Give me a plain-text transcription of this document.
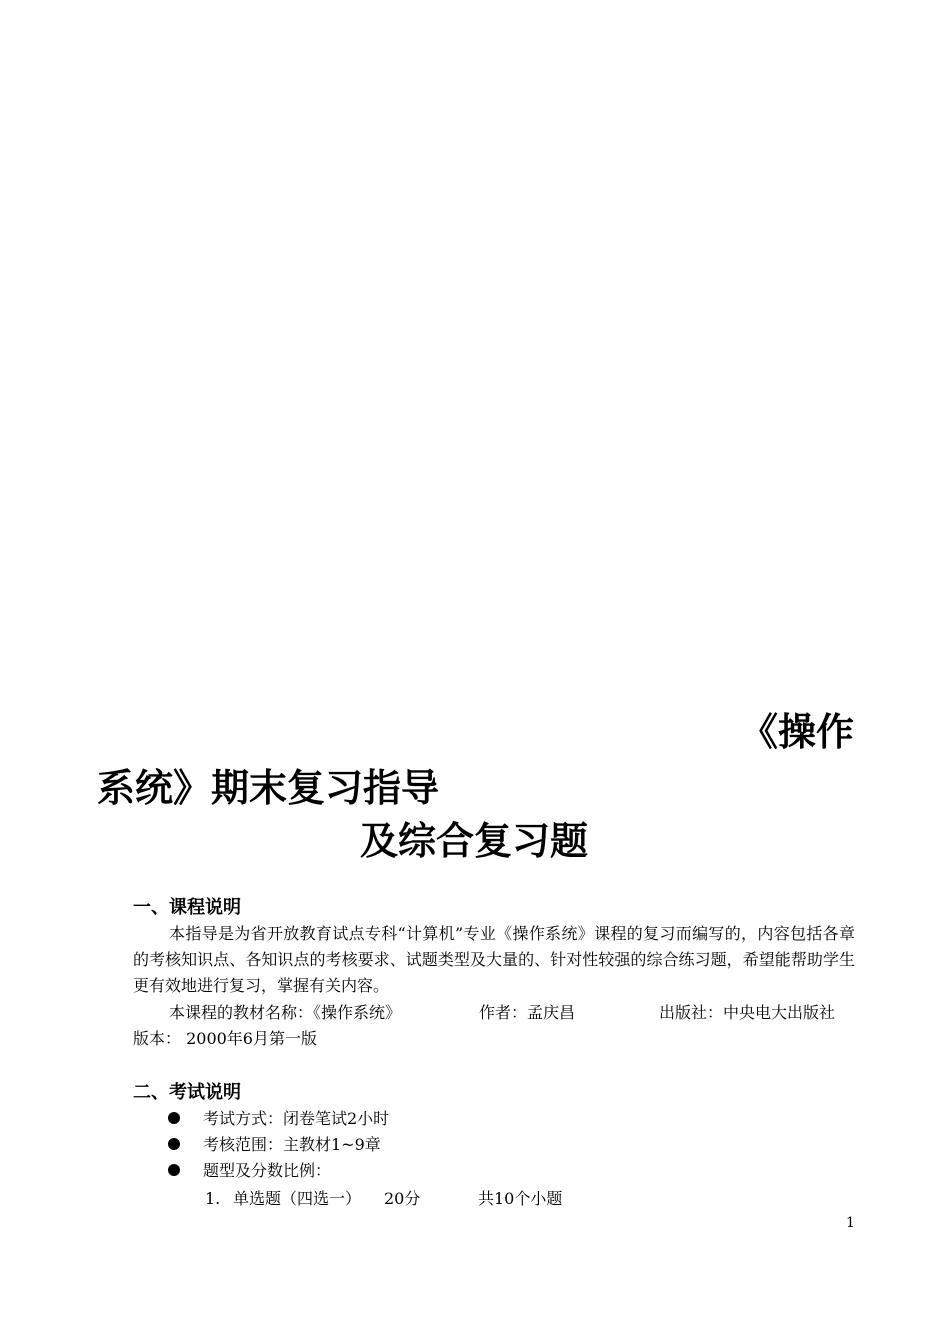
《操作
系统》期末复习指导
及综合复习题
一、课程说明
本指导是为省开放教育试点专科“计算机”专业《操作系统》课程的复习而编写的，内容包括各章的考核知识点、各知识点的考核要求、试题类型及大量的、针对性较强的综合练习题，希望能帮助学生更有效地进行复习，掌握有关内容。
本课程的教材名称：《操作系统》	作者：孟庆昌	出版社：中央电大出版社
版本： 2000年6月第一版
二、考试说明
考试方式：闭卷笔试2小时
考核范围：主教材1~9章
题型及分数比例：
1. 单选题（四选一） 20分	共10个小题
1
